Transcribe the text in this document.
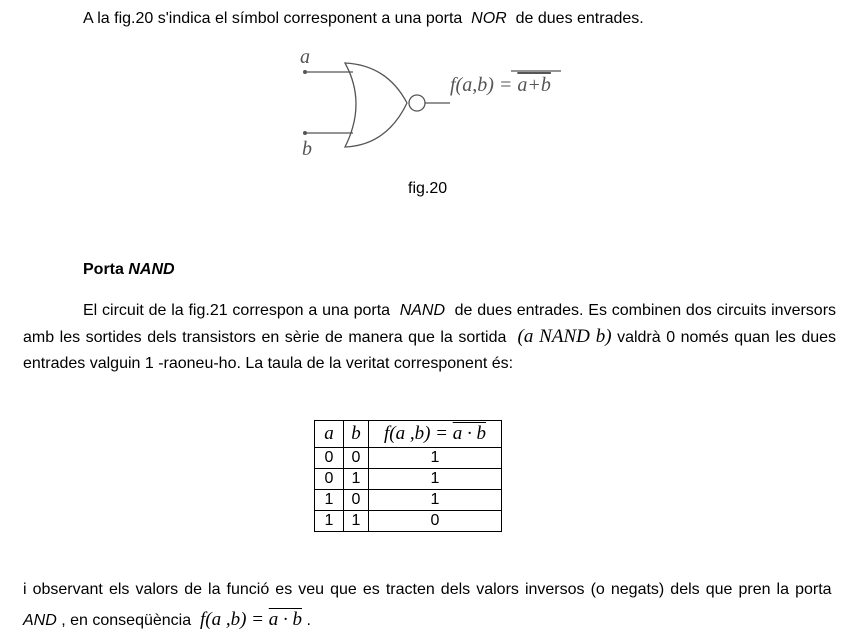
A la fig.20 s'indica el símbol corresponent a una porta NOR de dues entrades.
a
b
f(a,b) = a+b
fig.20
Porta NAND
El circuit de la fig.21 correspon a una porta NAND de dues entrades. Es combinen dos circuits inversors amb les sortides dels transistors en sèrie de manera que la sortida (a NAND b) valdrà 0 només quan les dues entrades valguin 1 -raoneu-ho. La taula de la veritat corresponent és:
a	b	f(a ,b) = a · b
0	0	1
0	1	1
1	0	1
1	1	0
i observant els valors de la funció es veu que es tracten dels valors inversos (o negats) dels que pren la porta  AND , en conseqüència f(a ,b) = a · b .
